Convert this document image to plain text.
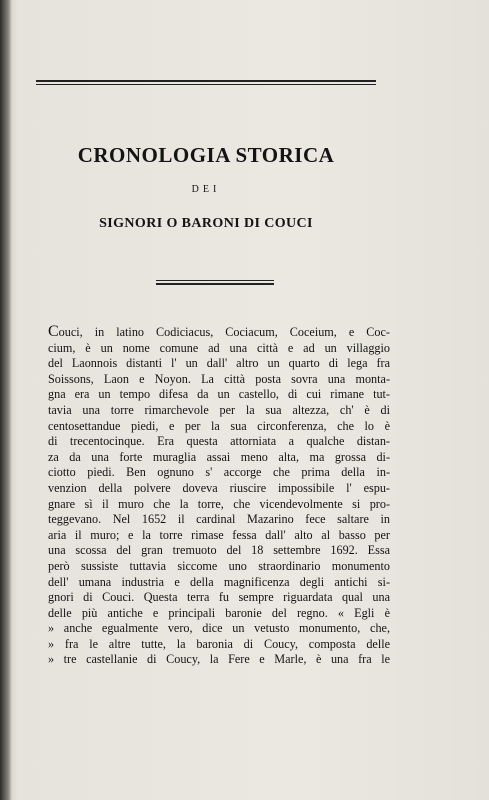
CRONOLOGIA STORICA
DEI
SIGNORI O BARONI DI COUCI
Couci, in latino Codiciacus, Cociacum, Coceium, e Coc-
cium, è un nome comune ad una città e ad un villaggio
del Laonnois distanti l' un dall' altro un quarto di lega fra
Soissons, Laon e Noyon. La città posta sovra una monta-
gna era un tempo difesa da un castello, di cui rimane tut-
tavia una torre rimarchevole per la sua altezza, ch' è di
centosettandue piedi, e per la sua circonferenza, che lo è
di trecentocinque. Era questa attorniata a qualche distan-
za da una forte muraglia assai meno alta, ma grossa di-
ciotto piedi. Ben ognuno s' accorge che prima della in-
venzion della polvere doveva riuscire impossibile l' espu-
gnare sì il muro che la torre, che vicendevolmente si pro-
teggevano. Nel 1652 il cardinal Mazarino fece saltare in
aria il muro; e la torre rimase fessa dall' alto al basso per
una scossa del gran tremuoto del 18 settembre 1692. Essa
però sussiste tuttavia siccome uno straordinario monumento
dell' umana industria e della magnificenza degli antichi si-
gnori di Couci. Questa terra fu sempre riguardata qual una
delle più antiche e principali baronie del regno. « Egli è
» anche egualmente vero, dice un vetusto monumento, che,
» fra le altre tutte, la baronia di Coucy, composta delle
» tre castellanie di Coucy, la Fere e Marle, è una fra le
